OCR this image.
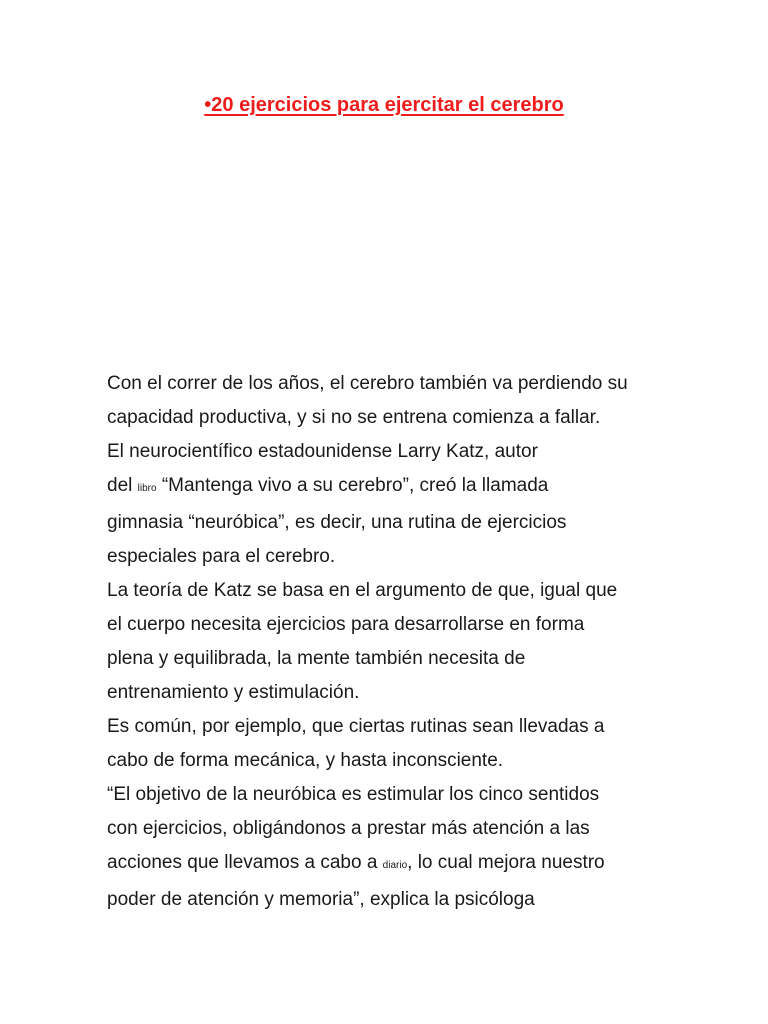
•20 ejercicios para ejercitar el cerebro
Con el correr de los años, el cerebro también va perdiendo su
capacidad productiva, y si no se entrena comienza a fallar.
El neurocientífico estadounidense Larry Katz, autor
del libro “Mantenga vivo a su cerebro”, creó la llamada
gimnasia “neuróbica”, es decir, una rutina de ejercicios
especiales para el cerebro.
La teoría de Katz se basa en el argumento de que, igual que
el cuerpo necesita ejercicios para desarrollarse en forma
plena y equilibrada, la mente también necesita de
entrenamiento y estimulación.
Es común, por ejemplo, que ciertas rutinas sean llevadas a
cabo de forma mecánica, y hasta inconsciente.
“El objetivo de la neuróbica es estimular los cinco sentidos
con ejercicios, obligándonos a prestar más atención a las
acciones que llevamos a cabo a diario, lo cual mejora nuestro
poder de atención y memoria”, explica la psicóloga
